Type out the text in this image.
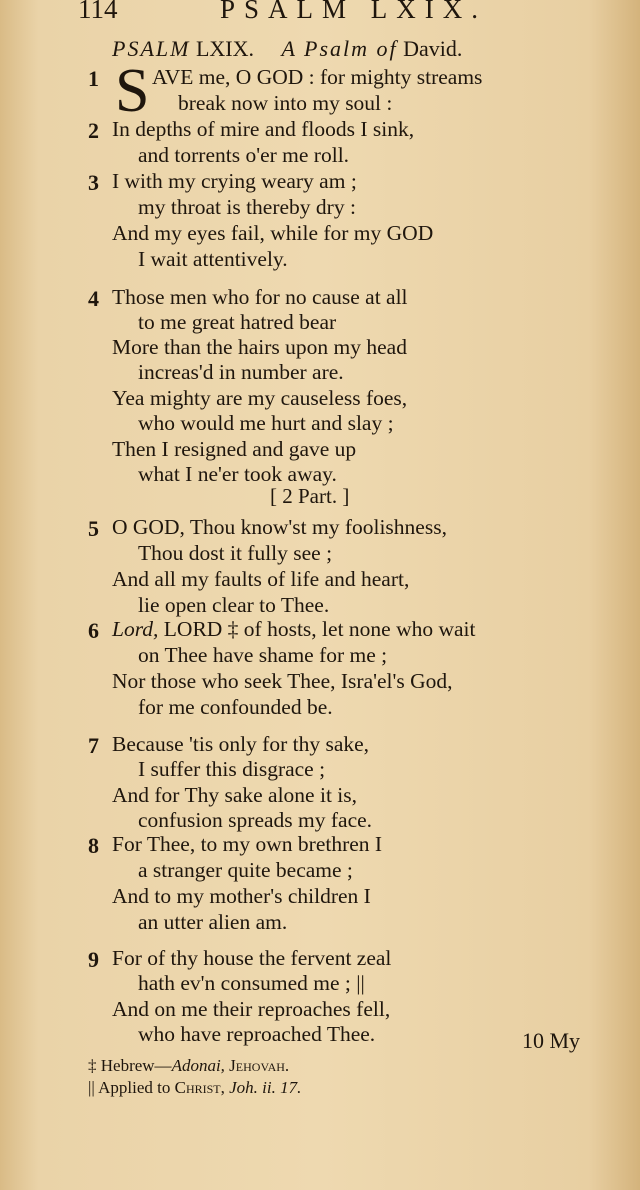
114	PSALM LXIX.
PSALM LXIX. A Psalm of David.
S
1 AVE me, O GOD : for mighty streams
break now into my soul :
2 In depths of mire and floods I sink,
and torrents o'er me roll.
3 I with my crying weary am ;
my throat is thereby dry :
And my eyes fail, while for my GOD
I wait attentively.
4 Those men who for no cause at all
to me great hatred bear
More than the hairs upon my head
increas'd in number are.
Yea mighty are my causeless foes,
who would me hurt and slay ;
Then I resigned and gave up
what I ne'er took away.
[ 2 Part. ]
5 O GOD, Thou know'st my foolishness,
Thou dost it fully see ;
And all my faults of life and heart,
lie open clear to Thee.
6 Lord, LORD ‡ of hosts, let none who wait
on Thee have shame for me ;
Nor those who seek Thee, Isra'el's God,
for me confounded be.
7 Because 'tis only for thy sake,
I suffer this disgrace ;
And for Thy sake alone it is,
confusion spreads my face.
8 For Thee, to my own brethren I
a stranger quite became ;
And to my mother's children I
an utter alien am.
9 For of thy house the fervent zeal
hath ev'n consumed me ; ||
And on me their reproaches fell,
who have reproached Thee.	10 My
‡ Hebrew—Adonai, Jehovah.
|| Applied to Christ, Joh. ii. 17.
